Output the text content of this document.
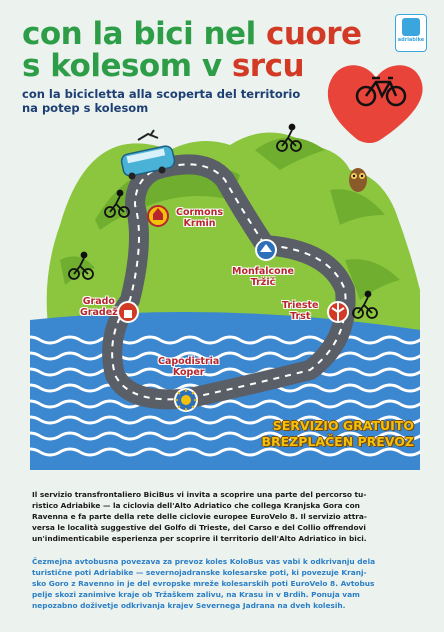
con la bici nel cuore
s kolesom v srcu
con la bicicletta alla scoperta del territorio
na potep s kolesom
adriabike
Cormons
Krmin
Monfalcone
Tržič
Grado
Gradež
Trieste
Trst
Capodistria
Koper
SERVIZIO GRATUITO
BREZPLAČEN PREVOZ

Il servizio transfrontaliero BiciBus vi invita a scoprire una parte del percorso tu-
ristico Adriabike — la ciclovia dell'Alto Adriatico che collega Kranjska Gora con
Ravenna e fa parte della rete delle ciclovie europee EuroVelo 8. Il servizio attra-
versa le località suggestive del Golfo di Trieste, del Carso e del Collio offrendovi
un'indimenticabile esperienza per scoprire il territorio dell'Alto Adriatico in bici.

Čezmejna avtobusna povezava za prevoz koles KoloBus vas vabi k odkrivanju dela
turistične poti Adriabike — severnojadranske kolesarske poti, ki povezuje Kranj-
sko Goro z Ravenno in je del evropske mreže kolesarskih poti EuroVelo 8. Avtobus
pelje skozi zanimive kraje ob Tržaškem zalivu, na Krasu in v Brdih. Ponuja vam
nepozabno doživetje odkrivanja krajev Severnega Jadrana na dveh kolesih.
